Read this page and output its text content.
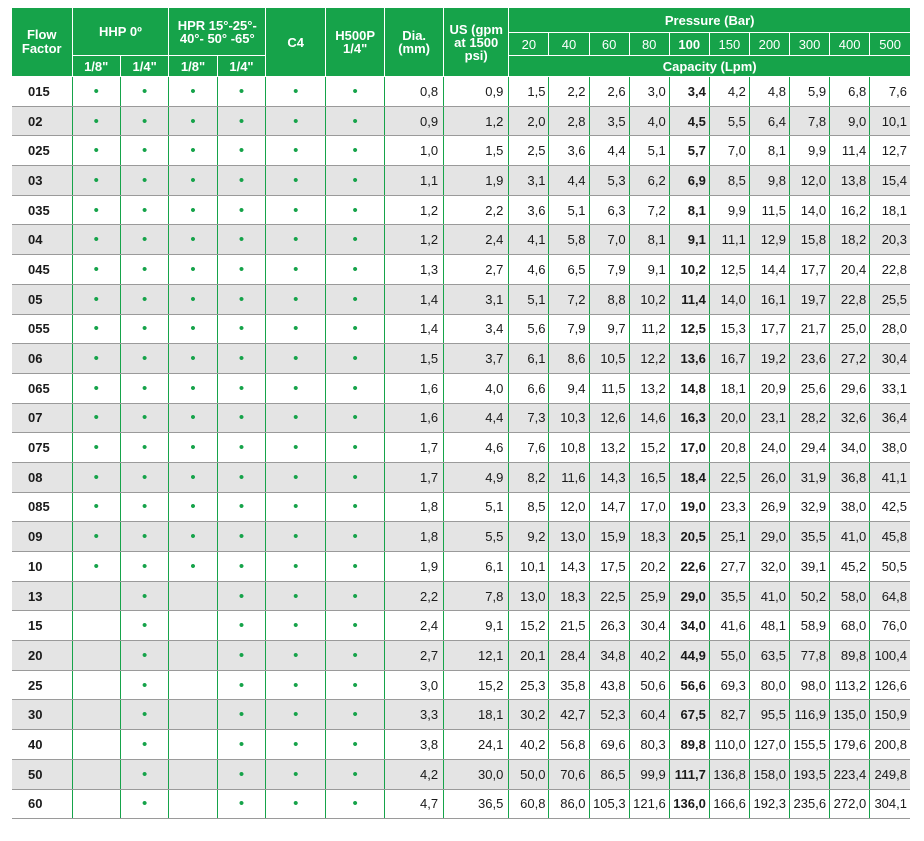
Flow Factor	HHP 0º		HPR 15°-25°- 40°- 50° -65°		C4	H500P 1/4"	Dia. (mm)	US (gpm at 1500 psi)	Pressure (Bar)									
									20	40	60	80	100	150	200	300	400	500
	1/8"	1/4"	1/8"	1/4"					Capacity (Lpm)									
015	•	•	•	•	•	•	0,8	0,9	1,5	2,2	2,6	3,0	3,4	4,2	4,8	5,9	6,8	7,6
02	•	•	•	•	•	•	0,9	1,2	2,0	2,8	3,5	4,0	4,5	5,5	6,4	7,8	9,0	10,1
025	•	•	•	•	•	•	1,0	1,5	2,5	3,6	4,4	5,1	5,7	7,0	8,1	9,9	11,4	12,7
03	•	•	•	•	•	•	1,1	1,9	3,1	4,4	5,3	6,2	6,9	8,5	9,8	12,0	13,8	15,4
035	•	•	•	•	•	•	1,2	2,2	3,6	5,1	6,3	7,2	8,1	9,9	11,5	14,0	16,2	18,1
04	•	•	•	•	•	•	1,2	2,4	4,1	5,8	7,0	8,1	9,1	11,1	12,9	15,8	18,2	20,3
045	•	•	•	•	•	•	1,3	2,7	4,6	6,5	7,9	9,1	10,2	12,5	14,4	17,7	20,4	22,8
05	•	•	•	•	•	•	1,4	3,1	5,1	7,2	8,8	10,2	11,4	14,0	16,1	19,7	22,8	25,5
055	•	•	•	•	•	•	1,4	3,4	5,6	7,9	9,7	11,2	12,5	15,3	17,7	21,7	25,0	28,0
06	•	•	•	•	•	•	1,5	3,7	6,1	8,6	10,5	12,2	13,6	16,7	19,2	23,6	27,2	30,4
065	•	•	•	•	•	•	1,6	4,0	6,6	9,4	11,5	13,2	14,8	18,1	20,9	25,6	29,6	33,1
07	•	•	•	•	•	•	1,6	4,4	7,3	10,3	12,6	14,6	16,3	20,0	23,1	28,2	32,6	36,4
075	•	•	•	•	•	•	1,7	4,6	7,6	10,8	13,2	15,2	17,0	20,8	24,0	29,4	34,0	38,0
08	•	•	•	•	•	•	1,7	4,9	8,2	11,6	14,3	16,5	18,4	22,5	26,0	31,9	36,8	41,1
085	•	•	•	•	•	•	1,8	5,1	8,5	12,0	14,7	17,0	19,0	23,3	26,9	32,9	38,0	42,5
09	•	•	•	•	•	•	1,8	5,5	9,2	13,0	15,9	18,3	20,5	25,1	29,0	35,5	41,0	45,8
10	•	•	•	•	•	•	1,9	6,1	10,1	14,3	17,5	20,2	22,6	27,7	32,0	39,1	45,2	50,5
13		•		•	•	•	2,2	7,8	13,0	18,3	22,5	25,9	29,0	35,5	41,0	50,2	58,0	64,8
15		•		•	•	•	2,4	9,1	15,2	21,5	26,3	30,4	34,0	41,6	48,1	58,9	68,0	76,0
20		•		•	•	•	2,7	12,1	20,1	28,4	34,8	40,2	44,9	55,0	63,5	77,8	89,8	100,4
25		•		•	•	•	3,0	15,2	25,3	35,8	43,8	50,6	56,6	69,3	80,0	98,0	113,2	126,6
30		•		•	•	•	3,3	18,1	30,2	42,7	52,3	60,4	67,5	82,7	95,5	116,9	135,0	150,9
40		•		•	•	•	3,8	24,1	40,2	56,8	69,6	80,3	89,8	110,0	127,0	155,5	179,6	200,8
50		•		•	•	•	4,2	30,0	50,0	70,6	86,5	99,9	111,7	136,8	158,0	193,5	223,4	249,8
60		•		•	•	•	4,7	36,5	60,8	86,0	105,3	121,6	136,0	166,6	192,3	235,6	272,0	304,1
